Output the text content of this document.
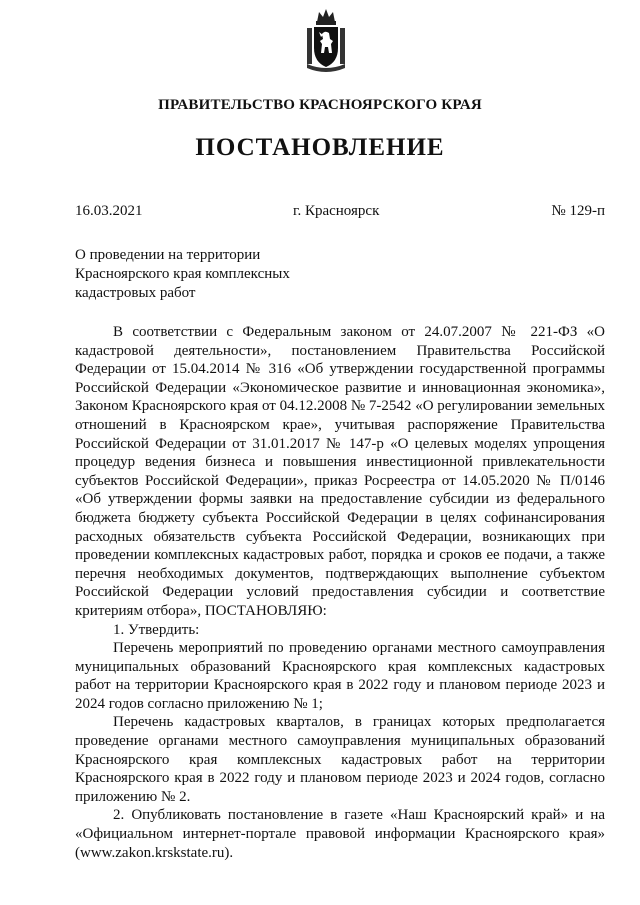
ПРАВИТЕЛЬСТВО КРАСНОЯРСКОГО КРАЯ
ПОСТАНОВЛЕНИЕ
16.03.2021	г. Красноярск	№ 129-п
О проведении на территории
Красноярского края комплексных
кадастровых работ

В соответствии с Федеральным законом от 24.07.2007 № 221-ФЗ «О кадастровой деятельности», постановлением Правительства Российской Федерации от 15.04.2014 № 316 «Об утверждении государственной программы Российской Федерации «Экономическое развитие и инновационная экономика», Законом Красноярского края от 04.12.2008 № 7-2542 «О регулировании земельных отношений в Красноярском крае», учитывая распоряжение Правительства Российской Федерации от 31.01.2017 № 147-р «О целевых моделях упрощения процедур ведения бизнеса и повышения инвестиционной привлекательности субъектов Российской Федерации», приказ Росреестра от 14.05.2020 № П/0146 «Об утверждении формы заявки на предоставление субсидии из федерального бюджета бюджету субъекта Российской Федерации в целях софинансирования расходных обязательств субъекта Российской Федерации, возникающих при проведении комплексных кадастровых работ, порядка и сроков ее подачи, а также перечня необходимых документов, подтверждающих выполнение субъектом Российской Федерации условий предоставления субсидии и соответствие критериям отбора», ПОСТАНОВЛЯЮ:

1. Утвердить:

Перечень мероприятий по проведению органами местного самоуправления муниципальных образований Красноярского края комплексных кадастровых работ на территории Красноярского края в 2022 году и плановом периоде 2023 и 2024 годов согласно приложению № 1;

Перечень кадастровых кварталов, в границах которых предполагается проведение органами местного самоуправления муниципальных образований Красноярского края комплексных кадастровых работ на территории Красноярского края в 2022 году и плановом периоде 2023 и 2024 годов, согласно приложению № 2.

2. Опубликовать постановление в газете «Наш Красноярский край» и на «Официальном интернет-портале правовой информации Красноярского края» (www.zakon.krskstate.ru).
